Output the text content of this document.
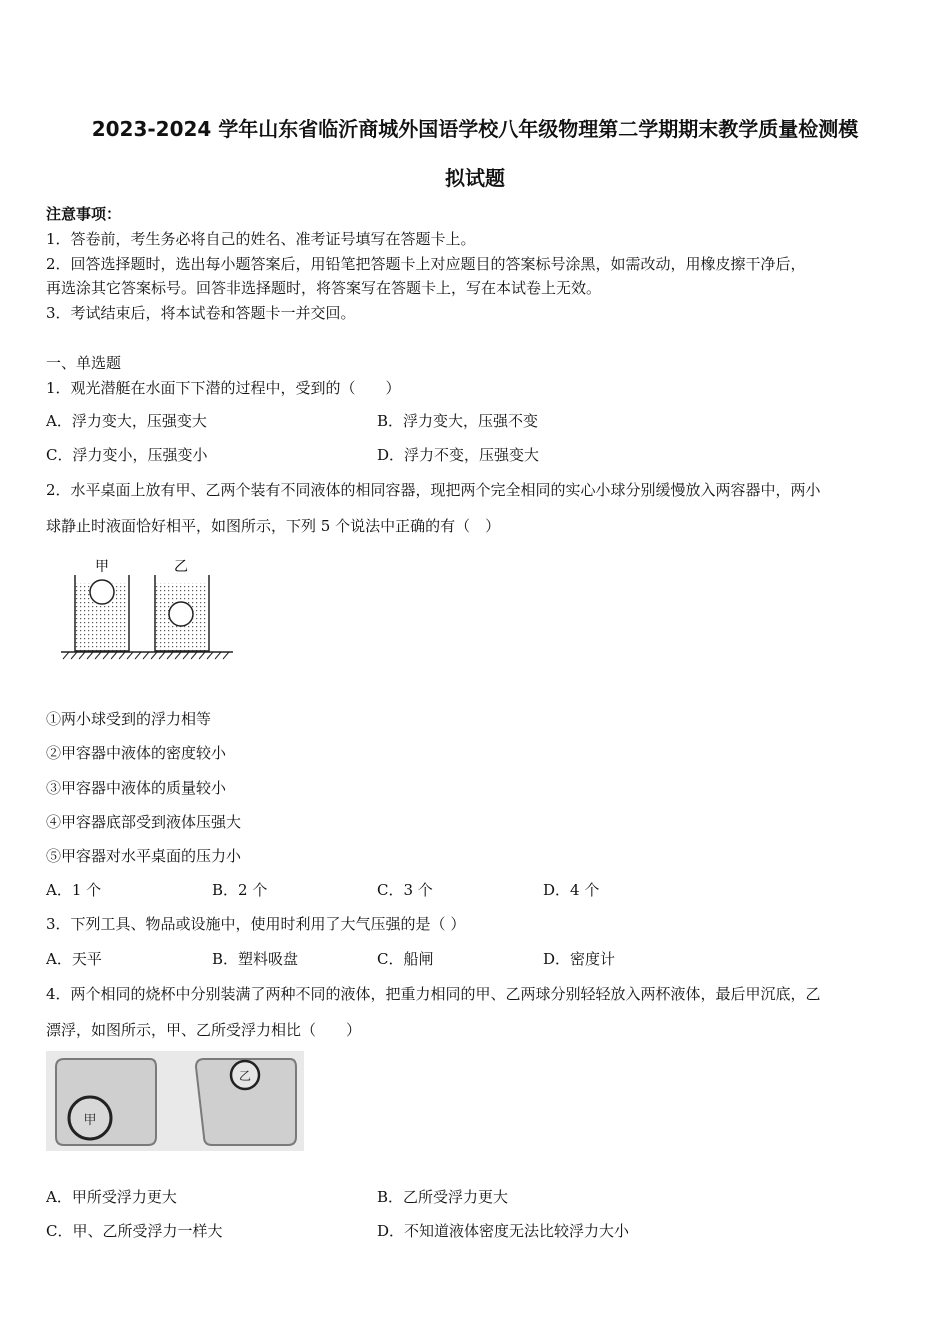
2023-2024 学年山东省临沂商城外国语学校八年级物理第二学期期末教学质量检测模
拟试题
注意事项：
1．答卷前，考生务必将自己的姓名、准考证号填写在答题卡上。
2．回答选择题时，选出每小题答案后，用铅笔把答题卡上对应题目的答案标号涂黑，如需改动，用橡皮擦干净后，
再选涂其它答案标号。回答非选择题时，将答案写在答题卡上，写在本试卷上无效。
3．考试结束后，将本试卷和答题卡一并交回。
一、单选题
1．观光潜艇在水面下下潜的过程中，受到的（　　）
A．浮力变大，压强变大	B．浮力变大，压强不变
C．浮力变小，压强变小	D．浮力不变，压强变大
2．水平桌面上放有甲、乙两个装有不同液体的相同容器，现把两个完全相同的实心小球分别缓慢放入两容器中，两小
球静止时液面恰好相平，如图所示，下列 5 个说法中正确的有（　）
甲	乙
①两小球受到的浮力相等
②甲容器中液体的密度较小
③甲容器中液体的质量较小
④甲容器底部受到液体压强大
⑤甲容器对水平桌面的压力小
A．1 个	B．2 个	C．3 个	D．4 个
3．下列工具、物品或设施中，使用时利用了大气压强的是（ ）
A．天平	B．塑料吸盘	C．船闸	D．密度计
4．两个相同的烧杯中分别装满了两种不同的液体，把重力相同的甲、乙两球分别轻轻放入两杯液体，最后甲沉底，乙
漂浮，如图所示，甲、乙所受浮力相比（　　）
甲
乙
A．甲所受浮力更大	B．乙所受浮力更大
C．甲、乙所受浮力一样大	D．不知道液体密度无法比较浮力大小
